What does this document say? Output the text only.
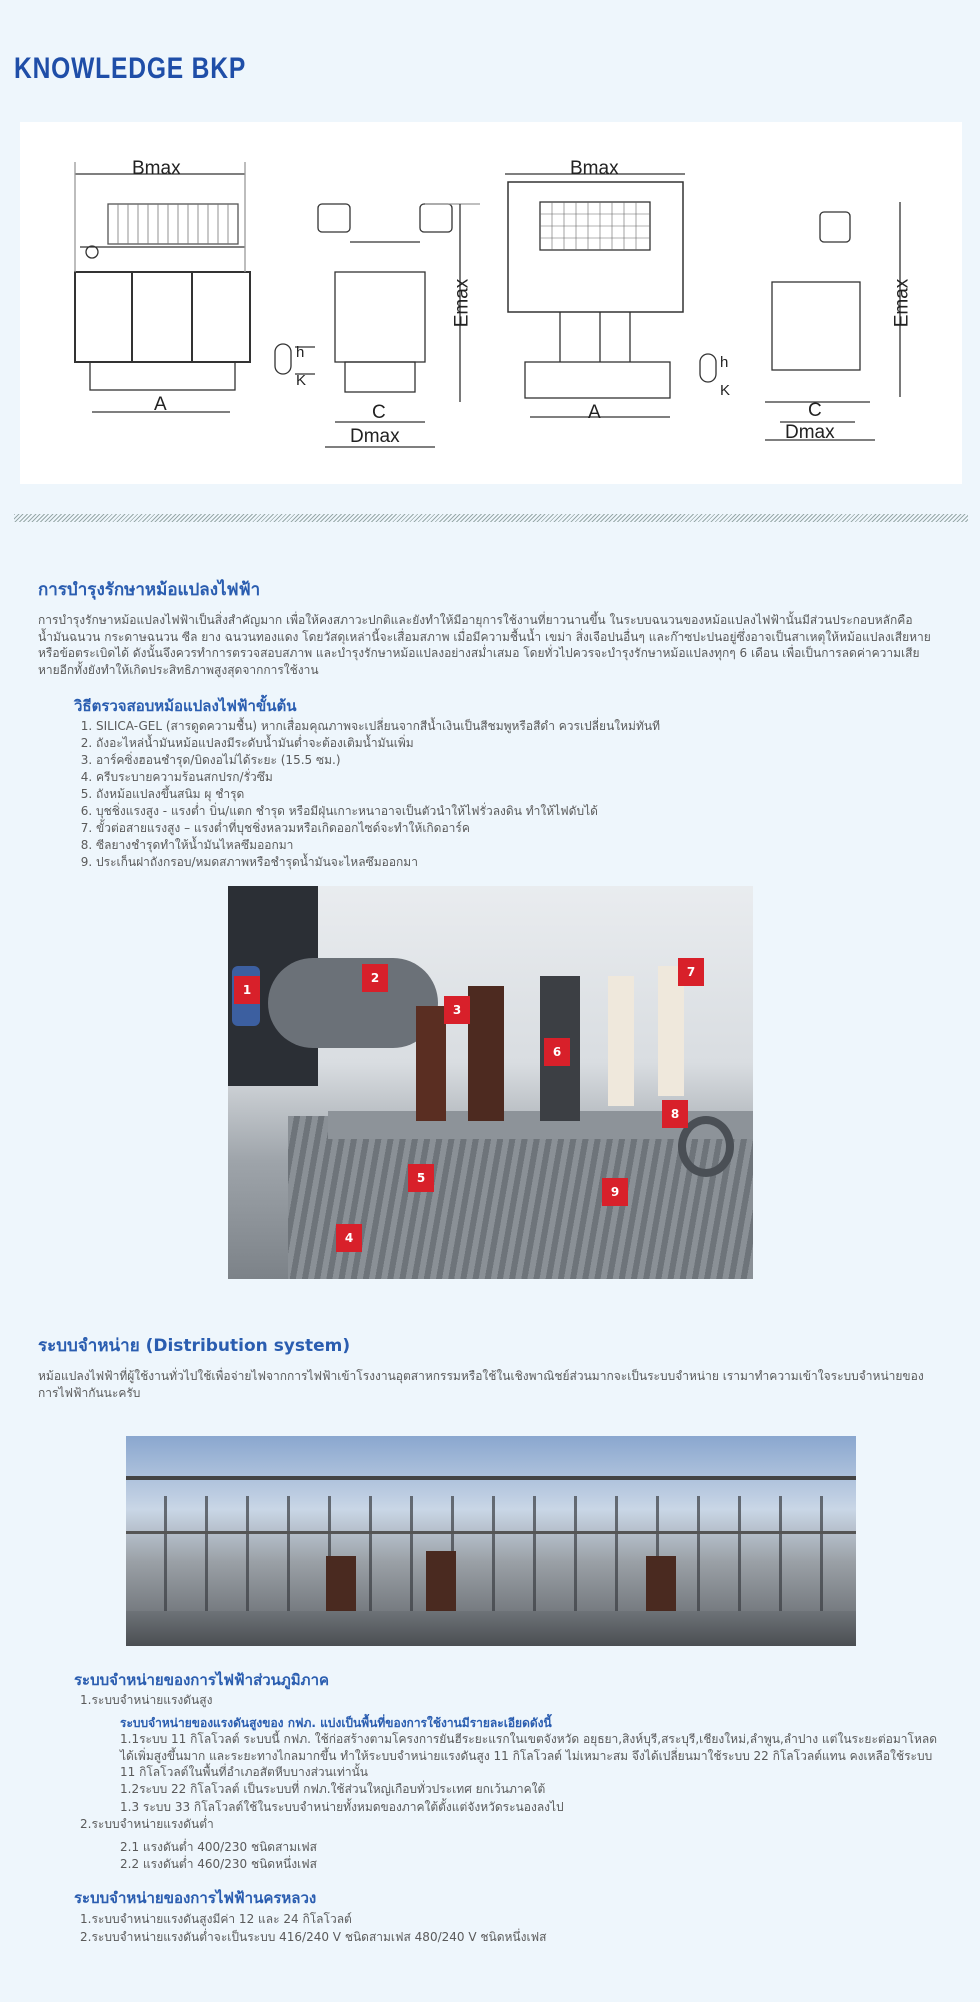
KNOWLEDGE BKP
Bmax
Emax
h
K
A	C
Dmax
Bmax
Emax
h
K
A	C
Dmax
การบำรุงรักษาหม้อแปลงไฟฟ้า

การบำรุงรักษาหม้อแปลงไฟฟ้าเป็นสิ่งสำคัญมาก เพื่อให้คงสภาวะปกติและยังทำให้มีอายุการใช้งานที่ยาวนานขึ้น ในระบบฉนวนของหม้อแปลงไฟฟ้านั้นมีส่วนประกอบหลักคือ น้ำมันฉนวน กระดาษฉนวน ซีล ยาง ฉนวนทองแดง โดยวัสดุเหล่านี้จะเสื่อมสภาพ เมื่อมีความชื้นน้ำ เขม่า สิ่งเจือปนอื่นๆ และก๊าซปะปนอยู่ซึ่งอาจเป็นสาเหตุให้หม้อแปลงเสียหายหรือข้อตระเบิดได้ ดังนั้นจึงควรทำการตรวจสอบสภาพ และบำรุงรักษาหม้อแปลงอย่างสม่ำเสมอ โดยทั่วไปควรจะบำรุงรักษาหม้อแปลงทุกๆ 6 เดือน เพื่อเป็นการลดค่าความเสียหายอีกทั้งยังทำให้เกิดประสิทธิภาพสูงสุดจากการใช้งาน

วิธีตรวจสอบหม้อแปลงไฟฟ้าขั้นต้น
1. SILICA-GEL (สารดูดความชื้น) หากเสื่อมคุณภาพจะเปลี่ยนจากสีน้ำเงินเป็นสีชมพูหรือสีดำ ควรเปลี่ยนใหม่ทันที
2. ถังอะไหล่น้ำมันหม้อแปลงมีระดับน้ำมันต่ำจะต้องเติมน้ำมันเพิ่ม
3. อาร์คซิ่งฮอนชำรุด/บิดงอไม่ได้ระยะ (15.5 ซม.)
4. ครีบระบายความร้อนสกปรก/รั่วซึม
5. ถังหม้อแปลงขึ้นสนิม ผุ ชำรุด
6. บุชชิ่งแรงสูง - แรงต่ำ บิ่น/แตก ชำรุด หรือมีฝุ่นเกาะหนาอาจเป็นตัวนำให้ไฟรั่วลงดิน ทำให้ไฟดับได้
7. ขั้วต่อสายแรงสูง – แรงต่ำที่บุชชิ่งหลวมหรือเกิดออกไซด์จะทำให้เกิดอาร์ค
8. ซีลยางชำรุดทำให้น้ำมันไหลซึมออกมา
9. ประเก็นฝาถังกรอบ/หมดสภาพหรือชำรุดน้ำมันจะไหลซึมออกมา
1
2
3
4
5
6
7
8
9
ระบบจำหน่าย (Distribution system)

หม้อแปลงไฟฟ้าที่ผู้ใช้งานทั่วไปใช้เพื่อจ่ายไฟจากการไฟฟ้าเข้าโรงงานอุตสาหกรรมหรือใช้ในเชิงพาณิชย์ส่วนมากจะเป็นระบบจำหน่าย เรามาทำความเข้าใจระบบจำหน่ายของการไฟฟ้ากันนะครับ

ระบบจำหน่ายของการไฟฟ้าส่วนภูมิภาค
1.ระบบจำหน่ายแรงดันสูง
ระบบจำหน่ายของแรงดันสูงของ กฟภ. แบ่งเป็นพื้นที่ของการใช้งานมีรายละเอียดดังนี้
1.1ระบบ 11 กิโลโวลต์ ระบบนี้ กฟภ. ใช้ก่อสร้างตามโครงการยันฮีระยะแรกในเขตจังหวัด อยุธยา,สิงห์บุรี,สระบุรี,เชียงใหม่,ลำพูน,ลำปาง แต่ในระยะต่อมาโหลดได้เพิ่มสูงขึ้นมาก และระยะทางไกลมากขึ้น ทำให้ระบบจำหน่ายแรงดันสูง 11 กิโลโวลต์ ไม่เหมาะสม จึงได้เปลี่ยนมาใช้ระบบ 22 กิโลโวลต์แทน คงเหลือใช้ระบบ 11 กิโลโวลต์ในพื้นที่อำเภอสัตหีบบางส่วนเท่านั้น
1.2ระบบ 22 กิโลโวลต์ เป็นระบบที่ กฟภ.ใช้ส่วนใหญ่เกือบทั่วประเทศ ยกเว้นภาคใต้
1.3 ระบบ 33 กิโลโวลต์ใช้ในระบบจำหน่ายทั้งหมดของภาคใต้ตั้งแต่จังหวัดระนองลงไป
2.ระบบจำหน่ายแรงดันต่ำ
2.1 แรงดันต่ำ 400/230 ชนิดสามเฟส
2.2 แรงดันต่ำ 460/230 ชนิดหนึ่งเฟส
ระบบจำหน่ายของการไฟฟ้านครหลวง
1.ระบบจำหน่ายแรงดันสูงมีค่า 12 และ 24 กิโลโวลต์
2.ระบบจำหน่ายแรงดันต่ำจะเป็นระบบ 416/240 V ชนิดสามเฟส 480/240 V ชนิดหนึ่งเฟส
